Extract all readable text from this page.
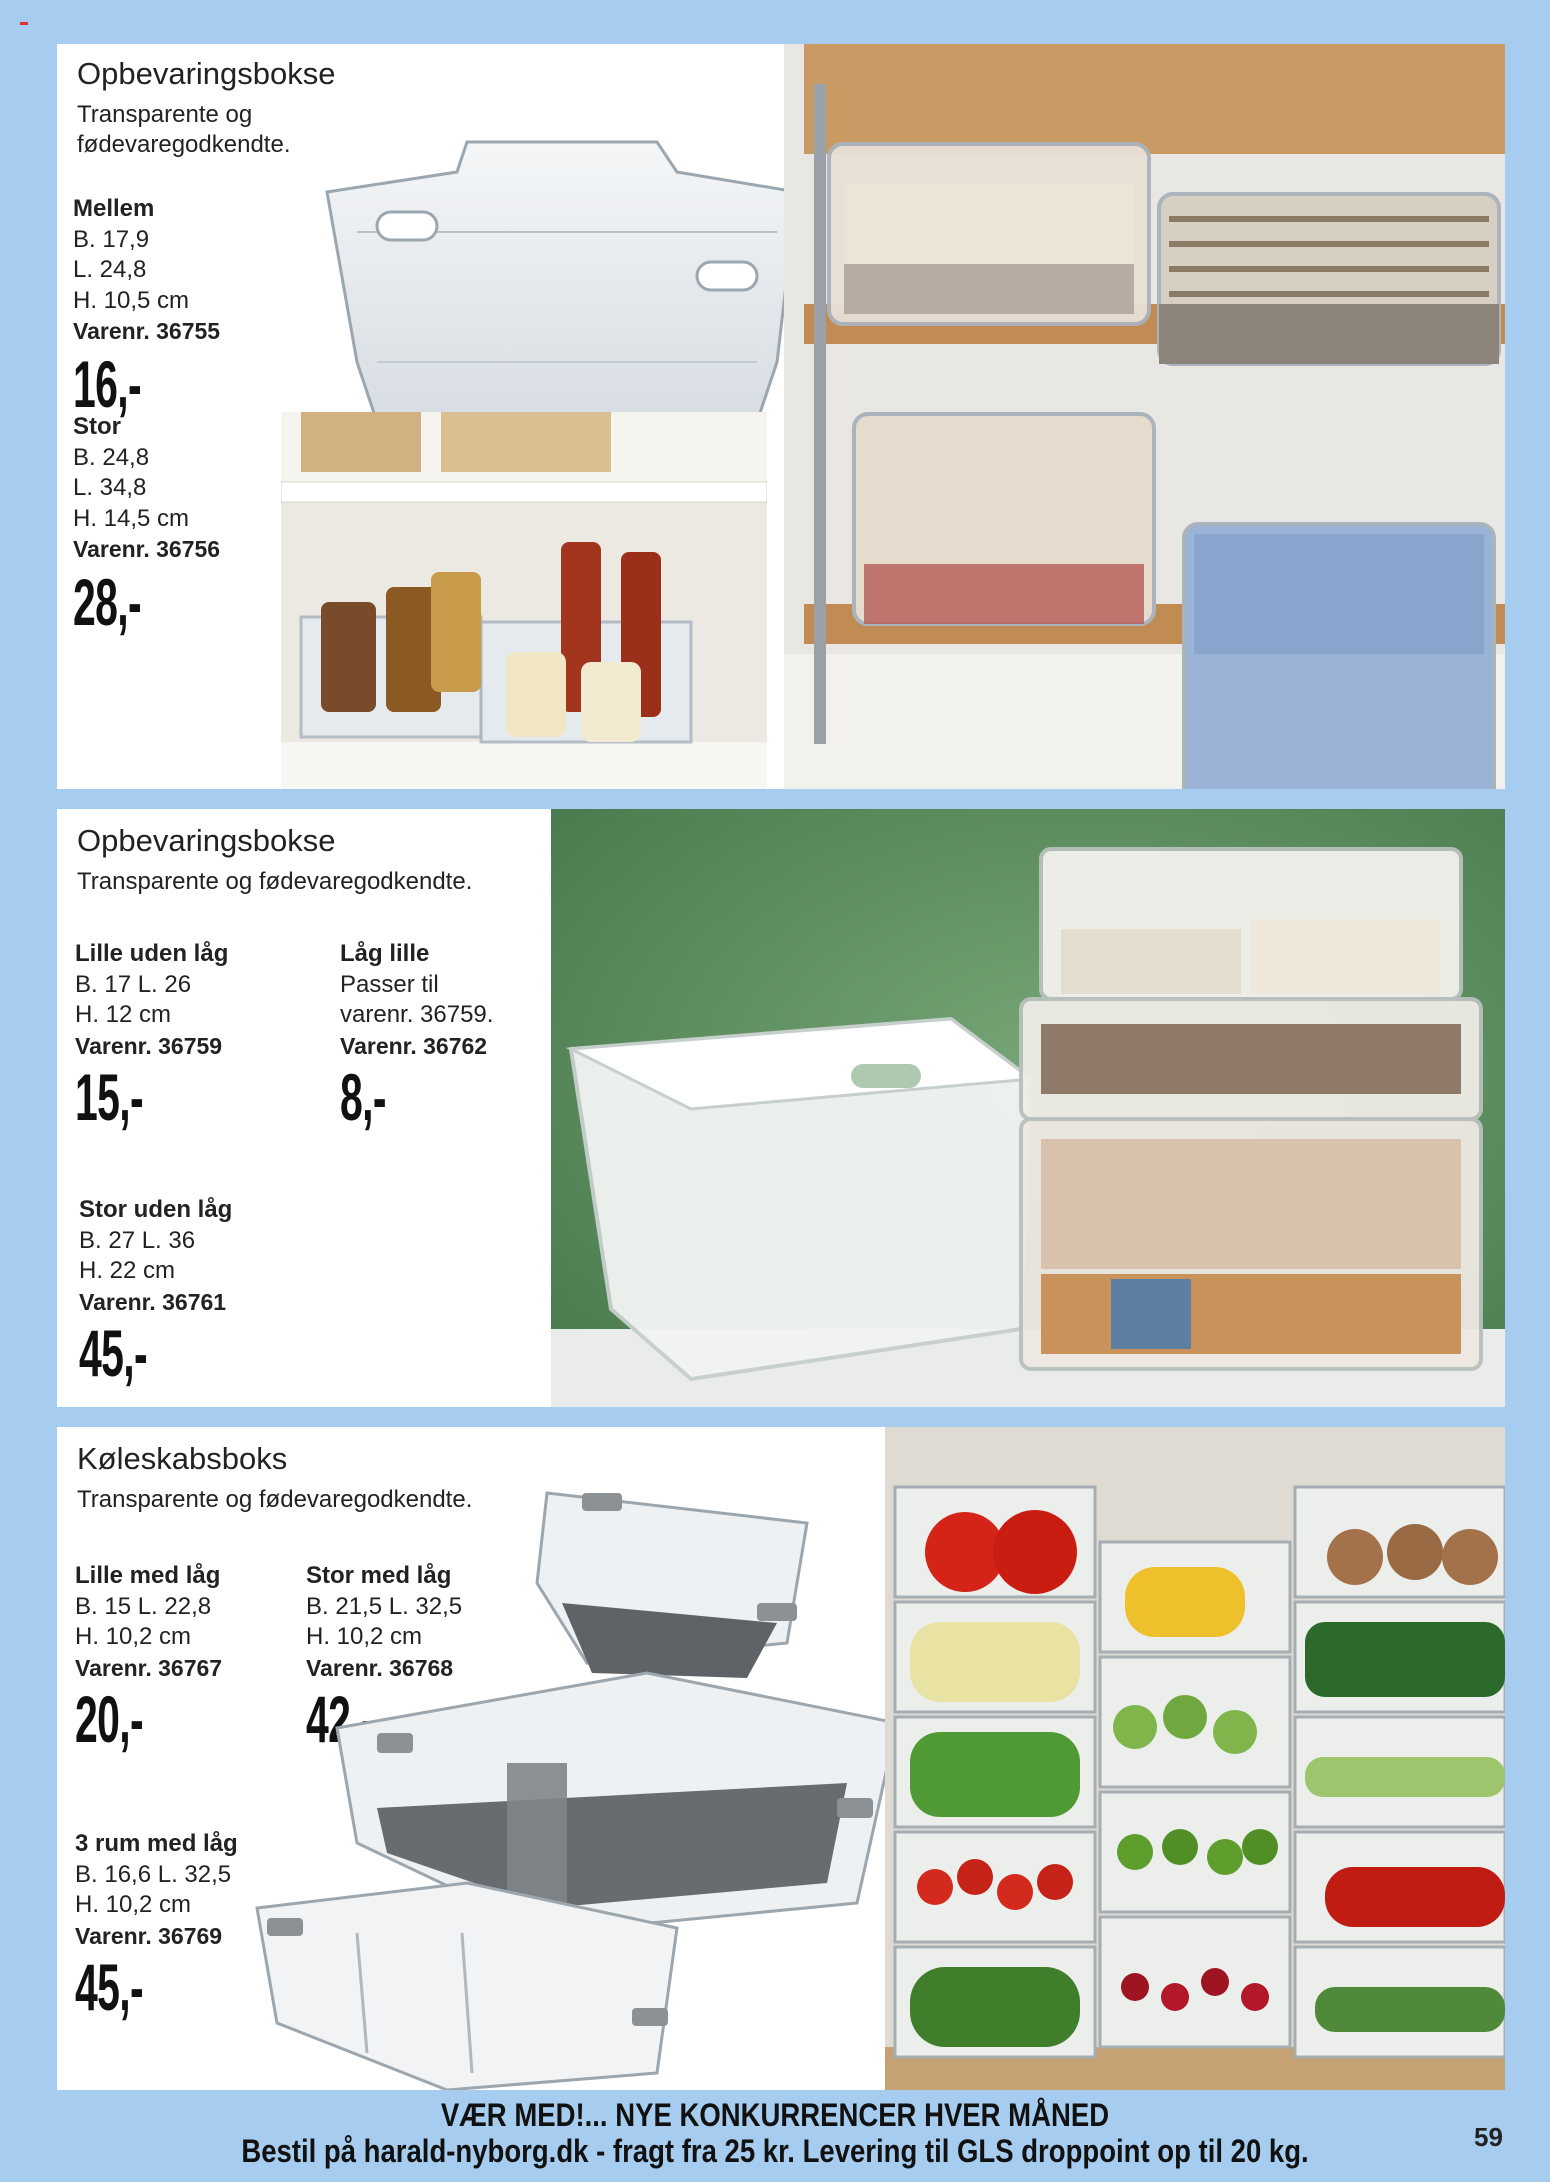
Opbevaringsbokse
Transparente og
fødevaregodkendte.
Mellem
B. 17,9
L. 24,8
H. 10,5 cm
Varenr. 36755
16,-
Stor
B. 24,8
L. 34,8
H. 14,5 cm
Varenr. 36756
28,-
Opbevaringsbokse
Transparente og fødevaregodkendte.
Lille uden låg
B. 17 L. 26
H. 12 cm
Varenr. 36759
15,-
Låg lille
Passer til
varenr. 36759.
Varenr. 36762
8,-
Stor uden låg
B. 27 L. 36
H. 22 cm
Varenr. 36761
45,-
Køleskabsboks
Transparente og fødevaregodkendte.
Lille med låg
B. 15 L. 22,8
H. 10,2 cm
Varenr. 36767
20,-
Stor med låg
B. 21,5 L. 32,5
H. 10,2 cm
Varenr. 36768
42,-
3 rum med låg
B. 16,6 L. 32,5
H. 10,2 cm
Varenr. 36769
45,-
VÆR MED!... NYE KONKURRENCER HVER MÅNED
Bestil på harald-nyborg.dk - fragt fra 25 kr. Levering til GLS droppoint op til 20 kg.	59
